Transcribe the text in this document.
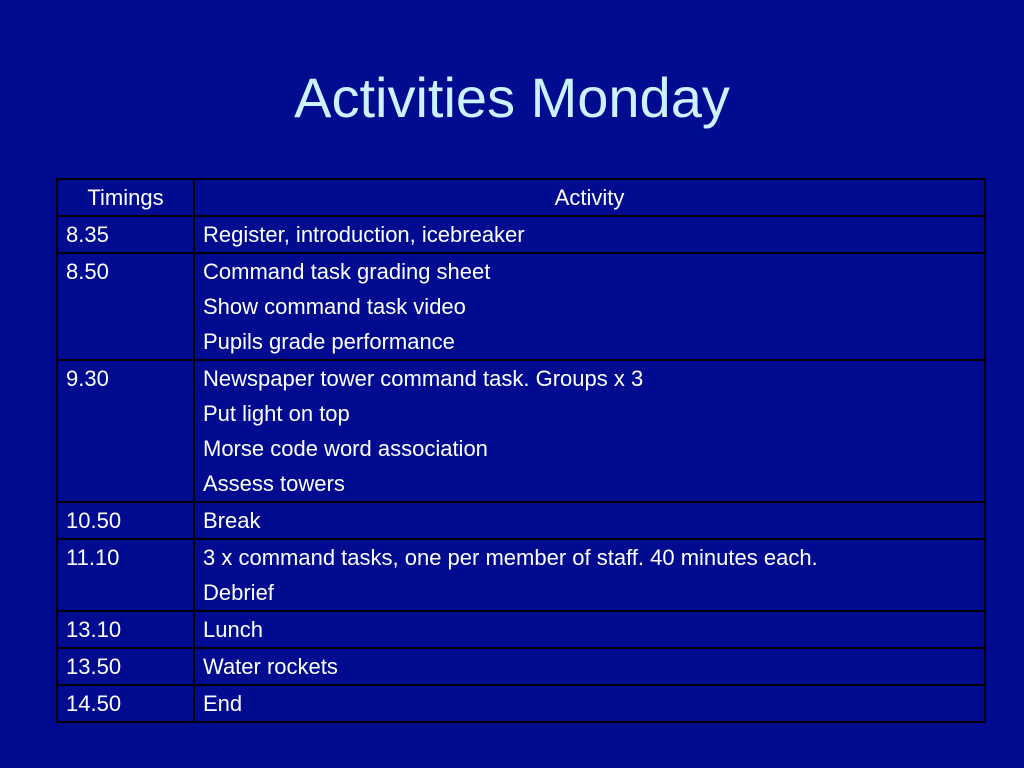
Activities Monday
Timings	Activity

8.35	Register, introduction, icebreaker

8.50	Command task grading sheet
Show command task video
Pupils grade performance

9.30	Newspaper tower command task. Groups x 3
Put light on top
Morse code word association
Assess towers

10.50	Break

11.10	3 x command tasks, one per member of staff. 40 minutes each.
Debrief

13.10	Lunch

13.50	Water rockets

14.50	End
